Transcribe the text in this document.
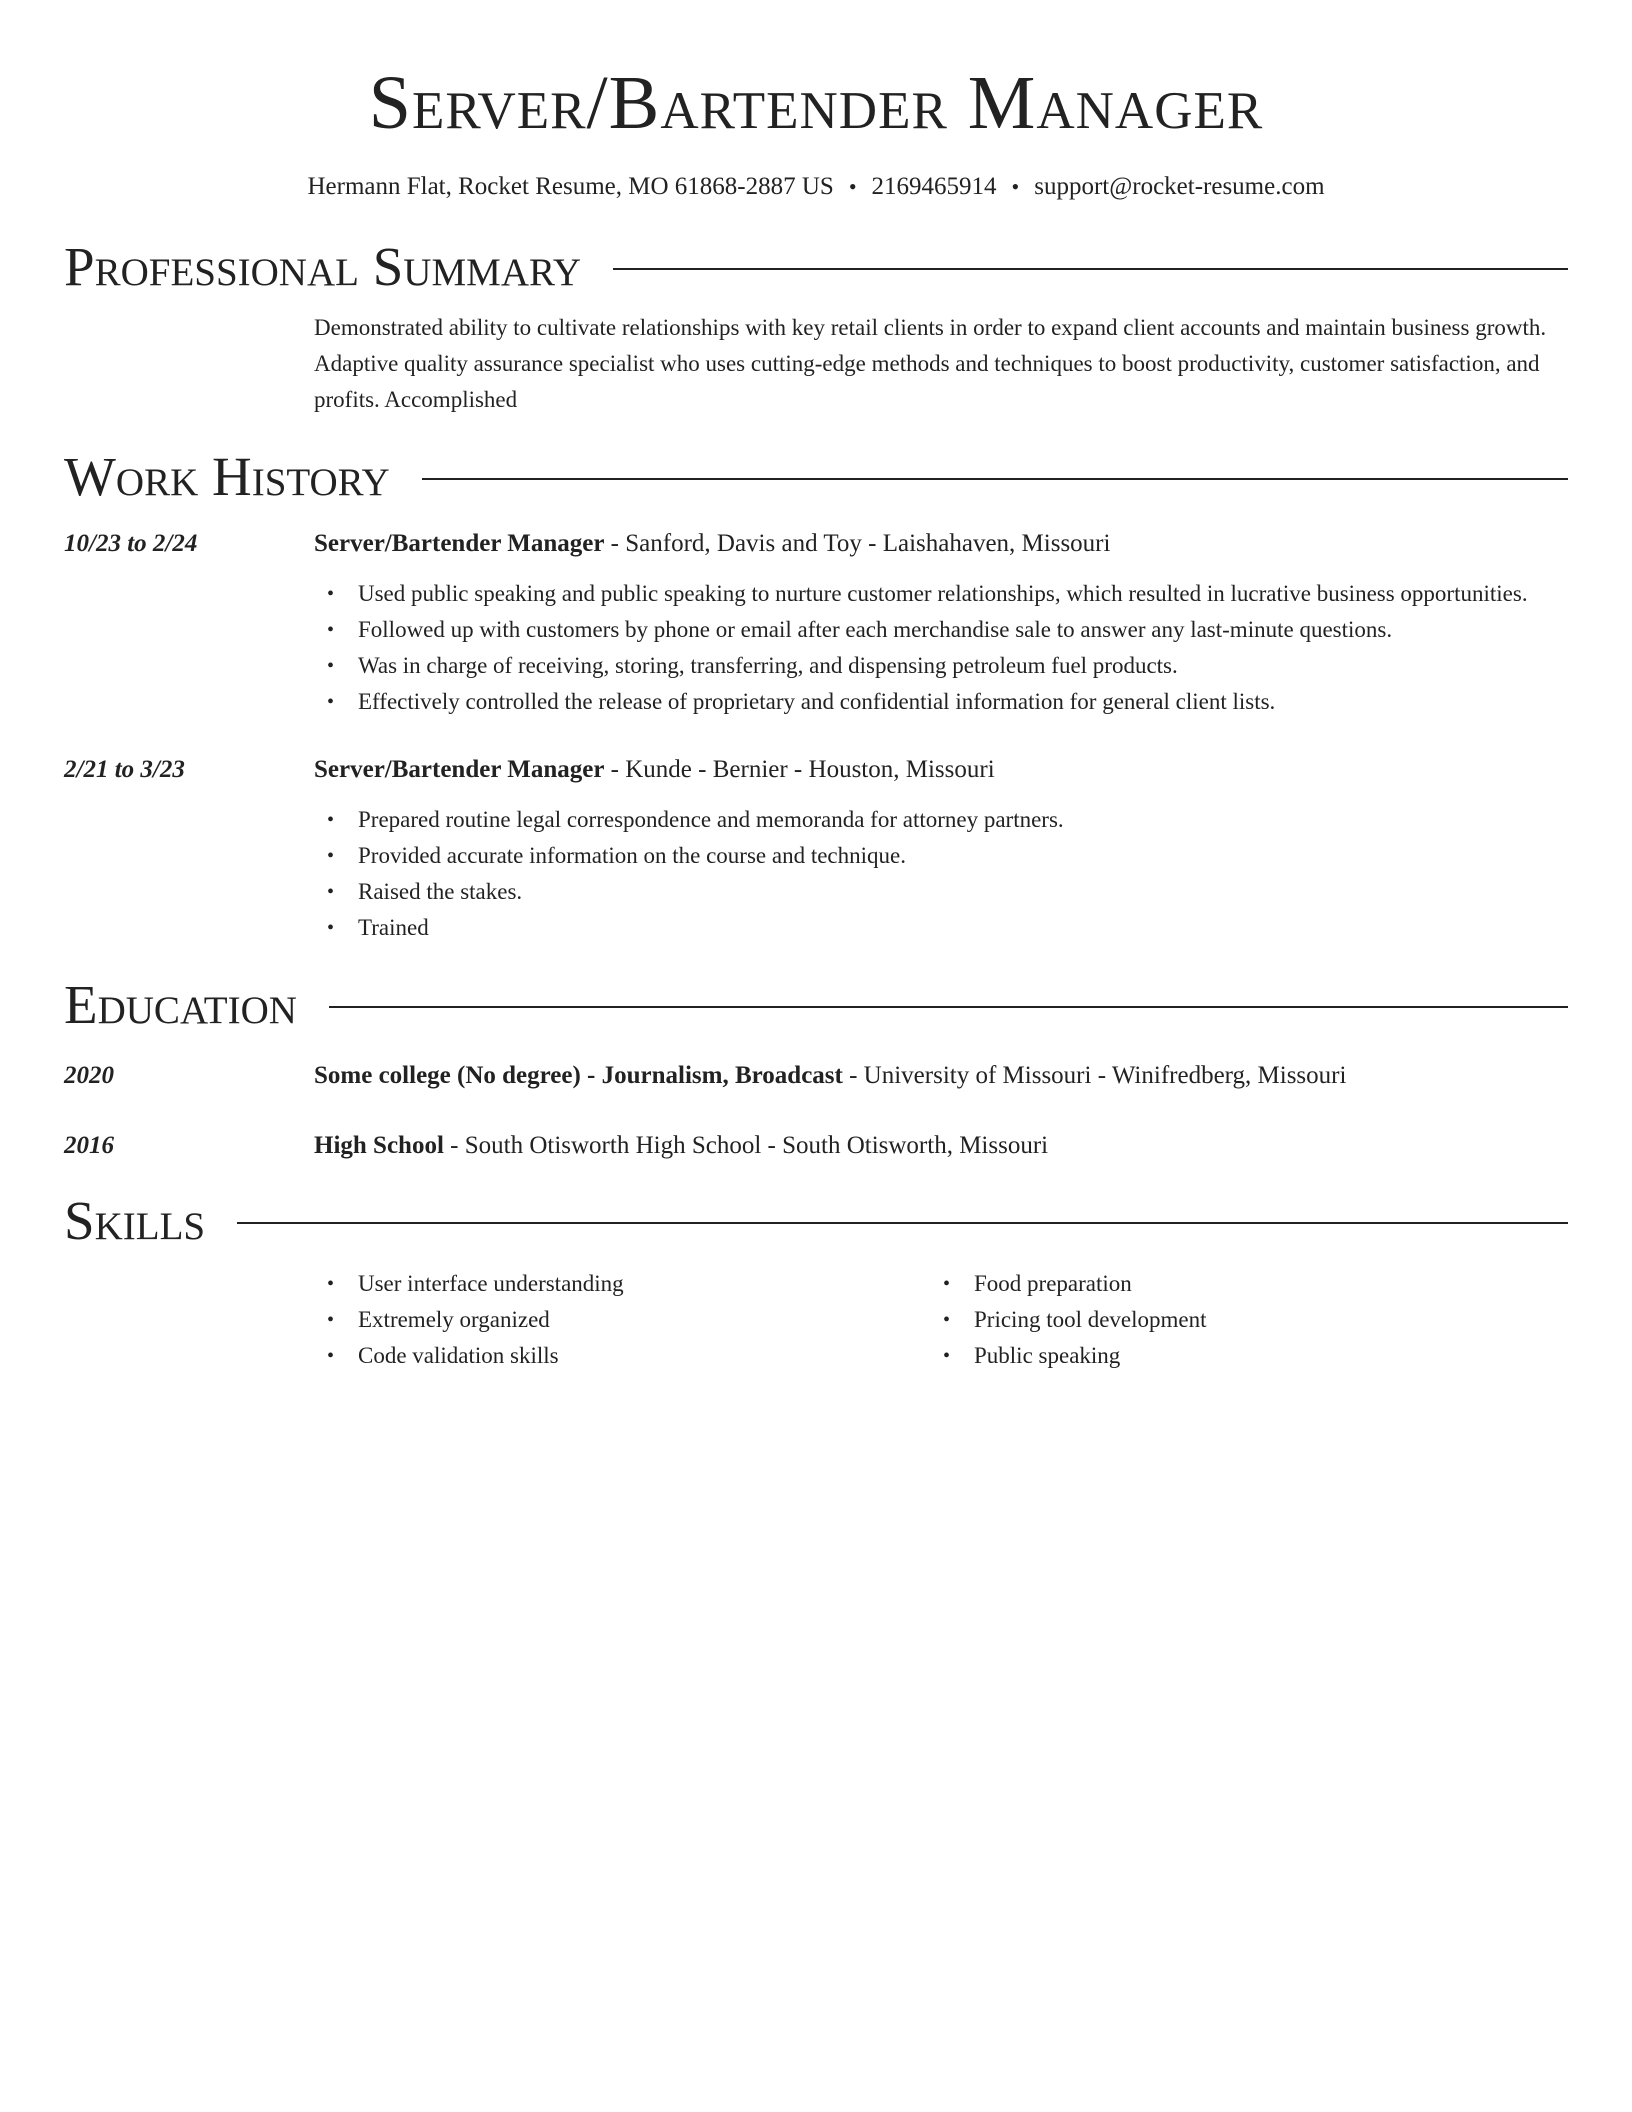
Server/Bartender Manager
Hermann Flat, Rocket Resume, MO 61868-2887 US • 2169465914 • support@rocket-resume.com
Professional Summary
Demonstrated ability to cultivate relationships with key retail clients in order to expand client accounts and maintain business growth. Adaptive quality assurance specialist who uses cutting-edge methods and techniques to boost productivity, customer satisfaction, and profits. Accomplished
Work History
10/23 to 2/24	Server/Bartender Manager - Sanford, Davis and Toy - Laishahaven, Missouri
• Used public speaking and public speaking to nurture customer relationships, which resulted in lucrative business opportunities.
• Followed up with customers by phone or email after each merchandise sale to answer any last-minute questions.
• Was in charge of receiving, storing, transferring, and dispensing petroleum fuel products.
• Effectively controlled the release of proprietary and confidential information for general client lists.
2/21 to 3/23	Server/Bartender Manager - Kunde - Bernier - Houston, Missouri
• Prepared routine legal correspondence and memoranda for attorney partners.
• Provided accurate information on the course and technique.
• Raised the stakes.
• Trained
Education
2020	Some college (No degree) - Journalism, Broadcast - University of Missouri - Winifredberg, Missouri
2016	High School - South Otisworth High School - South Otisworth, Missouri
Skills
• User interface understanding
• Extremely organized
• Code validation skills
• Food preparation
• Pricing tool development
• Public speaking
